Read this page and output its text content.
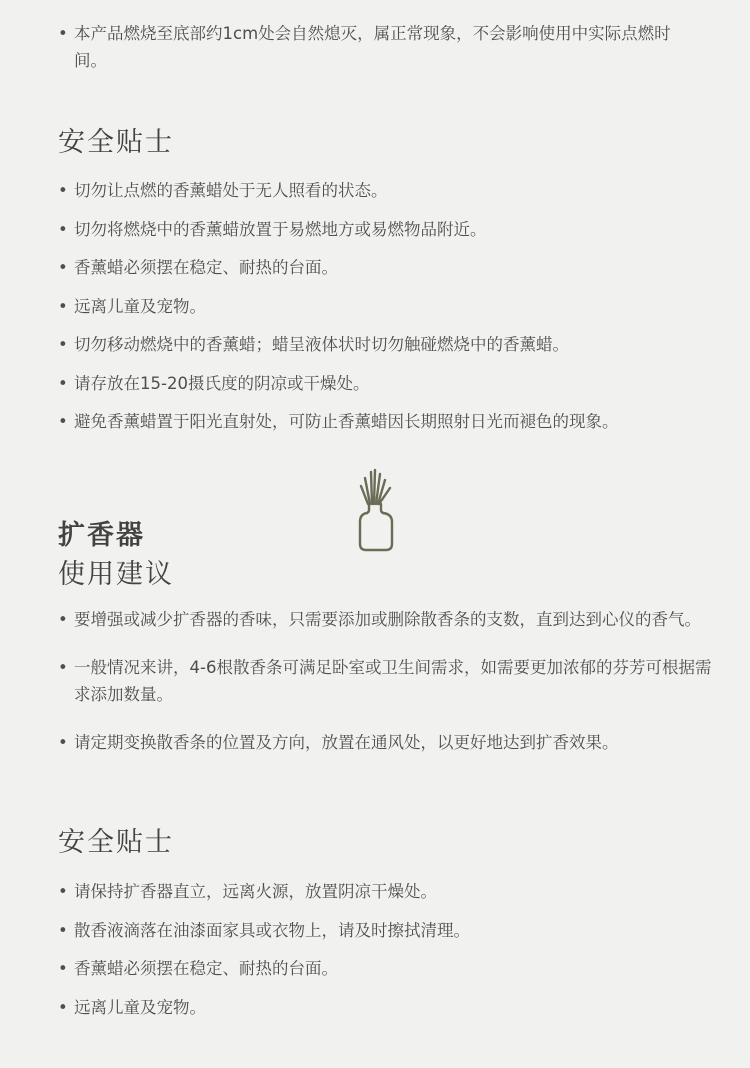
• 本产品燃烧至底部约1cm处会自然熄灭，属正常现象，不会影响使用中实际点燃时间。
安全贴士
• 切勿让点燃的香薰蜡处于无人照看的状态。
• 切勿将燃烧中的香薰蜡放置于易燃地方或易燃物品附近。
• 香薰蜡必须摆在稳定、耐热的台面。
• 远离儿童及宠物。
• 切勿移动燃烧中的香薰蜡；蜡呈液体状时切勿触碰燃烧中的香薰蜡。
• 请存放在15-20摄氏度的阴凉或干燥处。
• 避免香薰蜡置于阳光直射处，可防止香薰蜡因长期照射日光而褪色的现象。
扩香器
使用建议
• 要增强或减少扩香器的香味，只需要添加或删除散香条的支数，直到达到心仪的香气。
• 一般情况来讲，4-6根散香条可满足卧室或卫生间需求，如需要更加浓郁的芬芳可根据需求添加数量。
• 请定期变换散香条的位置及方向，放置在通风处，以更好地达到扩香效果。
安全贴士
• 请保持扩香器直立，远离火源，放置阴凉干燥处。
• 散香液滴落在油漆面家具或衣物上，请及时擦拭清理。
• 香薰蜡必须摆在稳定、耐热的台面。
• 远离儿童及宠物。
